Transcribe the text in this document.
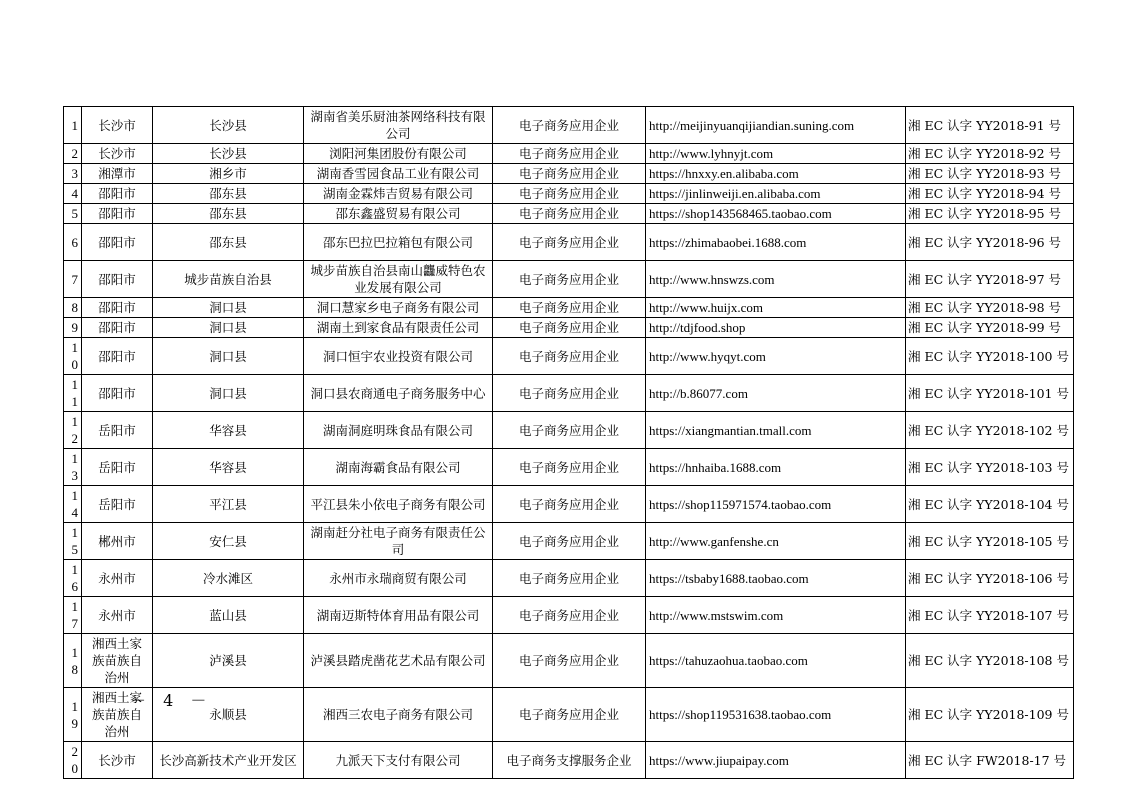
1	长沙市	长沙县	湖南省美乐厨油茶网络科技有限公司	电子商务应用企业	http://meijinyuanqijiandian.suning.com	湘 EC 认字 YY2018-91 号
2	长沙市	长沙县	浏阳河集团股份有限公司	电子商务应用企业	http://www.lyhnyjt.com	湘 EC 认字 YY2018-92 号
3	湘潭市	湘乡市	湖南香雪园食品工业有限公司	电子商务应用企业	https://hnxxy.en.alibaba.com	湘 EC 认字 YY2018-93 号
4	邵阳市	邵东县	湖南金霖炜吉贸易有限公司	电子商务应用企业	https://jinlinweiji.en.alibaba.com	湘 EC 认字 YY2018-94 号
5	邵阳市	邵东县	邵东鑫盛贸易有限公司	电子商务应用企业	https://shop143568465.taobao.com	湘 EC 认字 YY2018-95 号
6	邵阳市	邵东县	邵东巴拉巴拉箱包有限公司	电子商务应用企业	https://zhimabaobei.1688.com	湘 EC 认字 YY2018-96 号
7	邵阳市	城步苗族自治县	城步苗族自治县南山龘威特色农业发展有限公司	电子商务应用企业	http://www.hnswzs.com	湘 EC 认字 YY2018-97 号
8	邵阳市	洞口县	洞口慧家乡电子商务有限公司	电子商务应用企业	http://www.huijx.com	湘 EC 认字 YY2018-98 号
9	邵阳市	洞口县	湖南土到家食品有限责任公司	电子商务应用企业	http://tdjfood.shop	湘 EC 认字 YY2018-99 号
10	邵阳市	洞口县	洞口恒宇农业投资有限公司	电子商务应用企业	http://www.hyqyt.com	湘 EC 认字 YY2018-100 号
11	邵阳市	洞口县	洞口县农商通电子商务服务中心	电子商务应用企业	http://b.86077.com	湘 EC 认字 YY2018-101 号
12	岳阳市	华容县	湖南洞庭明珠食品有限公司	电子商务应用企业	https://xiangmantian.tmall.com	湘 EC 认字 YY2018-102 号
13	岳阳市	华容县	湖南海霸食品有限公司	电子商务应用企业	https://hnhaiba.1688.com	湘 EC 认字 YY2018-103 号
14	岳阳市	平江县	平江县朱小依电子商务有限公司	电子商务应用企业	https://shop115971574.taobao.com	湘 EC 认字 YY2018-104 号
15	郴州市	安仁县	湖南赶分社电子商务有限责任公司	电子商务应用企业	http://www.ganfenshe.cn	湘 EC 认字 YY2018-105 号
16	永州市	冷水滩区	永州市永瑞商贸有限公司	电子商务应用企业	https://tsbaby1688.taobao.com	湘 EC 认字 YY2018-106 号
17	永州市	蓝山县	湖南迈斯特体育用品有限公司	电子商务应用企业	http://www.mstswim.com	湘 EC 认字 YY2018-107 号
18	湘西土家族苗族自治州	泸溪县	泸溪县踏虎凿花艺术品有限公司	电子商务应用企业	https://tahuzaohua.taobao.com	湘 EC 认字 YY2018-108 号
19	湘西土家族苗族自治州	永顺县	湘西三农电子商务有限公司	电子商务应用企业	https://shop119531638.taobao.com	湘 EC 认字 YY2018-109 号
20	长沙市	长沙高新技术产业开发区	九派天下支付有限公司	电子商务支撑服务企业	https://www.jiupaipay.com	湘 EC 认字 FW2018-17 号
－ 4 －
